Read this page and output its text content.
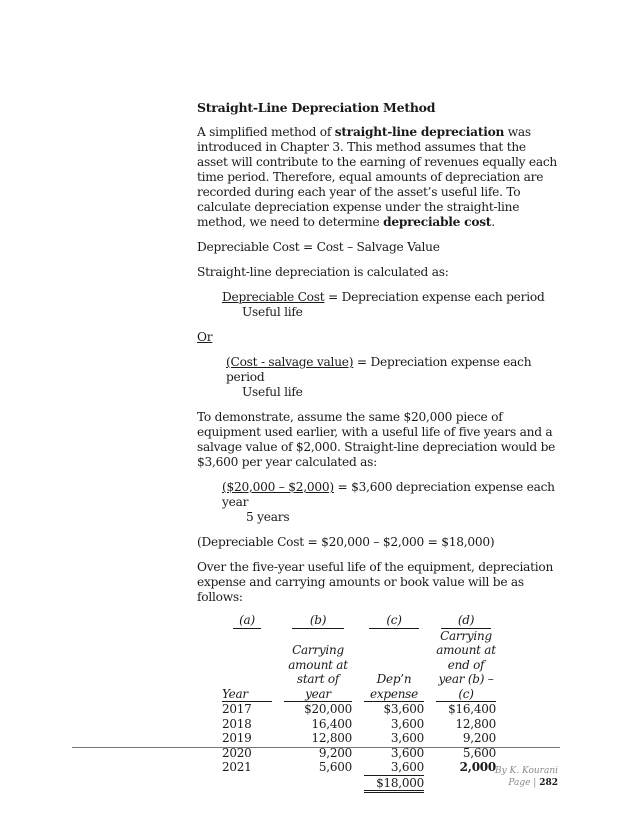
Straight-Line Depreciation Method

A simplified method of straight-line depreciation was introduced in Chapter 3. This method assumes that the asset will contribute to the earning of revenues equally each time period. Therefore, equal amounts of depreciation are recorded during each year of the asset’s useful life. To calculate depreciation expense under the straight-line method, we need to determine depreciable cost.

Depreciable Cost = Cost – Salvage Value

Straight-line depreciation is calculated as:

Depreciable Cost = Depreciation expense each period
Useful life

Or

(Cost - salvage value) = Depreciation expense each period
Useful life

To demonstrate, assume the same $20,000 piece of equipment used earlier, with a useful life of five years and a salvage value of $2,000. Straight-line depreciation would be $3,600 per year calculated as:

($20,000 – $2,000) = $3,600 depreciation expense each year
5 years

(Depreciable Cost = $20,000 – $2,000 = $18,000)

Over the five-year useful life of the equipment, depreciation expense and carrying amounts or book value will be as follows:

(a)		(b)		(c)		(d)
Year		Carrying amount at start of year		Dep’n expense		Carrying amount at end of year (b) – (c)
2017		$20,000		$3,600		$16,400
2018		16,400		3,600		12,800
2019		12,800		3,600		9,200
2020		9,200		3,600		5,600
2021		5,600		3,600		2,000
				$18,000		
By K. Kourani
Page | 282
